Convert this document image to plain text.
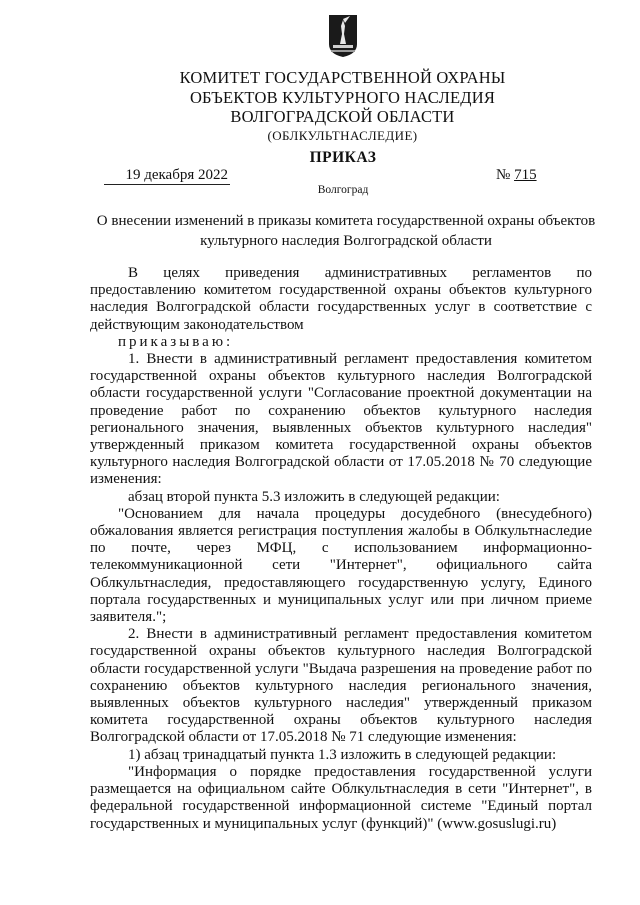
КОМИТЕТ ГОСУДАРСТВЕННОЙ ОХРАНЫ
ОБЪЕКТОВ КУЛЬТУРНОГО НАСЛЕДИЯ
ВОЛГОГРАДСКОЙ ОБЛАСТИ
(ОБЛКУЛЬТНАСЛЕДИЕ)
ПРИКАЗ
19 декабря 2022	№ 715
Волгоград
О внесении изменений в приказы комитета государственной охраны объектов культурного наследия Волгоградской области

В целях приведения административных регламентов по предоставлению комитетом государственной охраны объектов культурного наследия Волгоградской области государственных услуг в соответствие с действующим законодательством

приказываю:

1. Внести в административный регламент предоставления комитетом государственной охраны объектов культурного наследия Волгоградской области государственной услуги "Согласование проектной документации на проведение работ по сохранению объектов культурного наследия регионального значения, выявленных объектов культурного наследия" утвержденный приказом комитета государственной охраны объектов культурного наследия Волгоградской области от 17.05.2018 № 70 следующие изменения:

абзац второй пункта 5.3 изложить в следующей редакции:

"Основанием для начала процедуры досудебного (внесудебного) обжалования является регистрация поступления жалобы в Облкультнаследие по почте, через МФЦ, с использованием информационно-телекоммуникационной сети "Интернет", официального сайта Облкультнаследия, предоставляющего государственную услугу, Единого портала государственных и муниципальных услуг или при личном приеме заявителя.";

2. Внести в административный регламент предоставления комитетом государственной охраны объектов культурного наследия Волгоградской области государственной услуги "Выдача разрешения на проведение работ по сохранению объектов культурного наследия регионального значения, выявленных объектов культурного наследия" утвержденный приказом комитета государственной охраны объектов культурного наследия Волгоградской области от 17.05.2018 № 71 следующие изменения:

1) абзац тринадцатый пункта 1.3 изложить в следующей редакции:

"Информация о порядке предоставления государственной услуги размещается на официальном сайте Облкультнаследия в сети "Интернет", в федеральной государственной информационной системе "Единый портал государственных и муниципальных услуг (функций)" (www.gosuslugi.ru)
